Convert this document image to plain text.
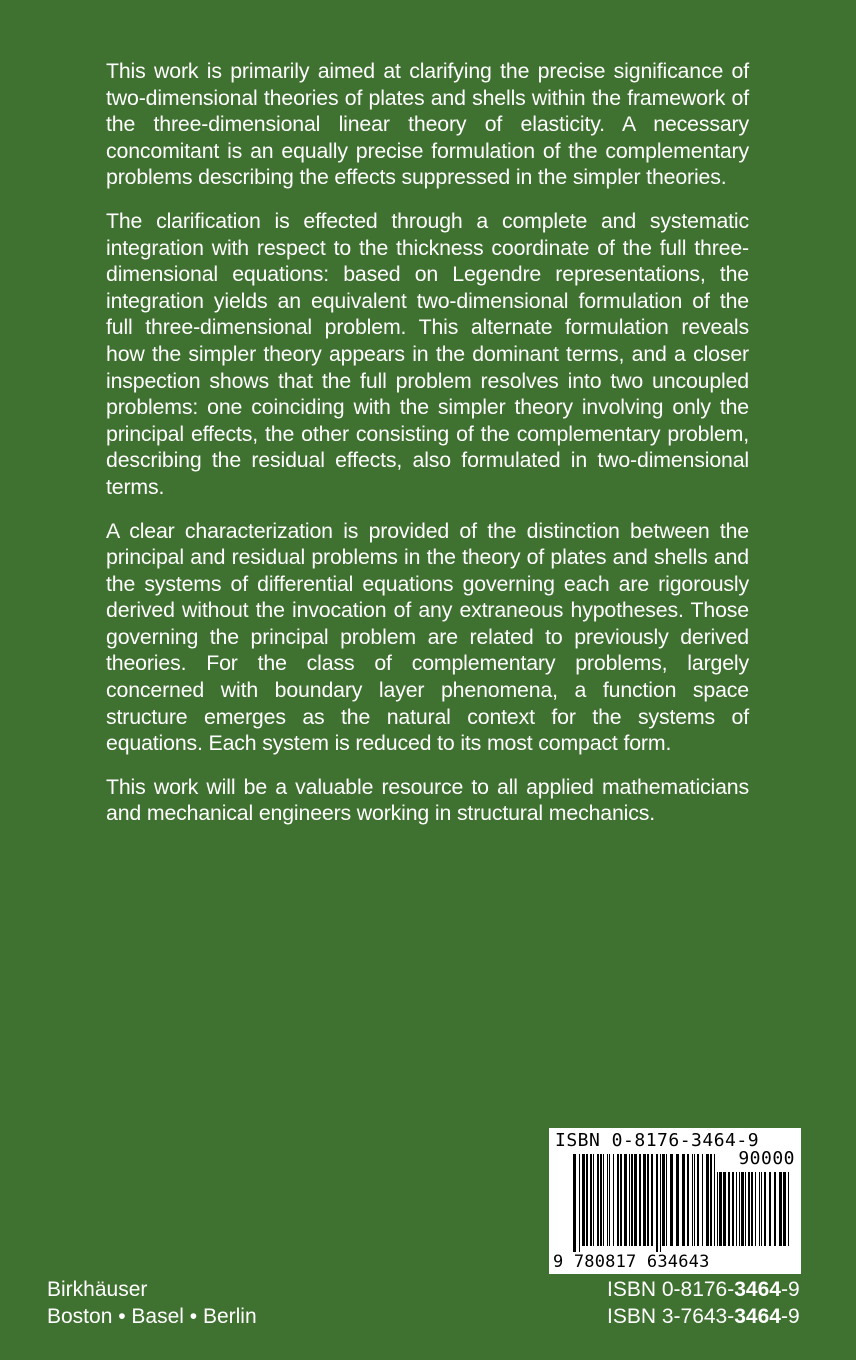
This work is primarily aimed at clarifying the precise significance of two-dimensional theories of plates and shells within the framework of the three-dimensional linear theory of elasticity. A necessary concomitant is an equally precise formulation of the complementary problems describing the effects suppressed in the simpler theories.

The clarification is effected through a complete and systematic integration with respect to the thickness coordinate of the full three-dimensional equations: based on Legendre representations, the integration yields an equivalent two-dimensional formulation of the full three-dimensional problem. This alternate formulation reveals how the simpler theory appears in the dominant terms, and a closer inspection shows that the full problem resolves into two uncoupled problems: one coinciding with the simpler theory involving only the principal effects, the other consisting of the complementary problem, describing the residual effects, also formulated in two-dimensional terms.

A clear characterization is provided of the distinction between the principal and residual problems in the theory of plates and shells and the systems of differential equations governing each are rigorously derived without the invocation of any extraneous hypotheses. Those governing the principal problem are related to previously derived theories. For the class of complementary problems, largely concerned with boundary layer phenomena, a function space structure emerges as the natural context for the systems of equations. Each system is reduced to its most compact form.

This work will be a valuable resource to all applied mathematicians and mechanical engineers working in structural mechanics.

ISBN 0-8176-3464-9
90000
9 780817 634643
Birkhäuser
Boston • Basel • Berlin
ISBN 0-8176-3464-9
ISBN 3-7643-3464-9
